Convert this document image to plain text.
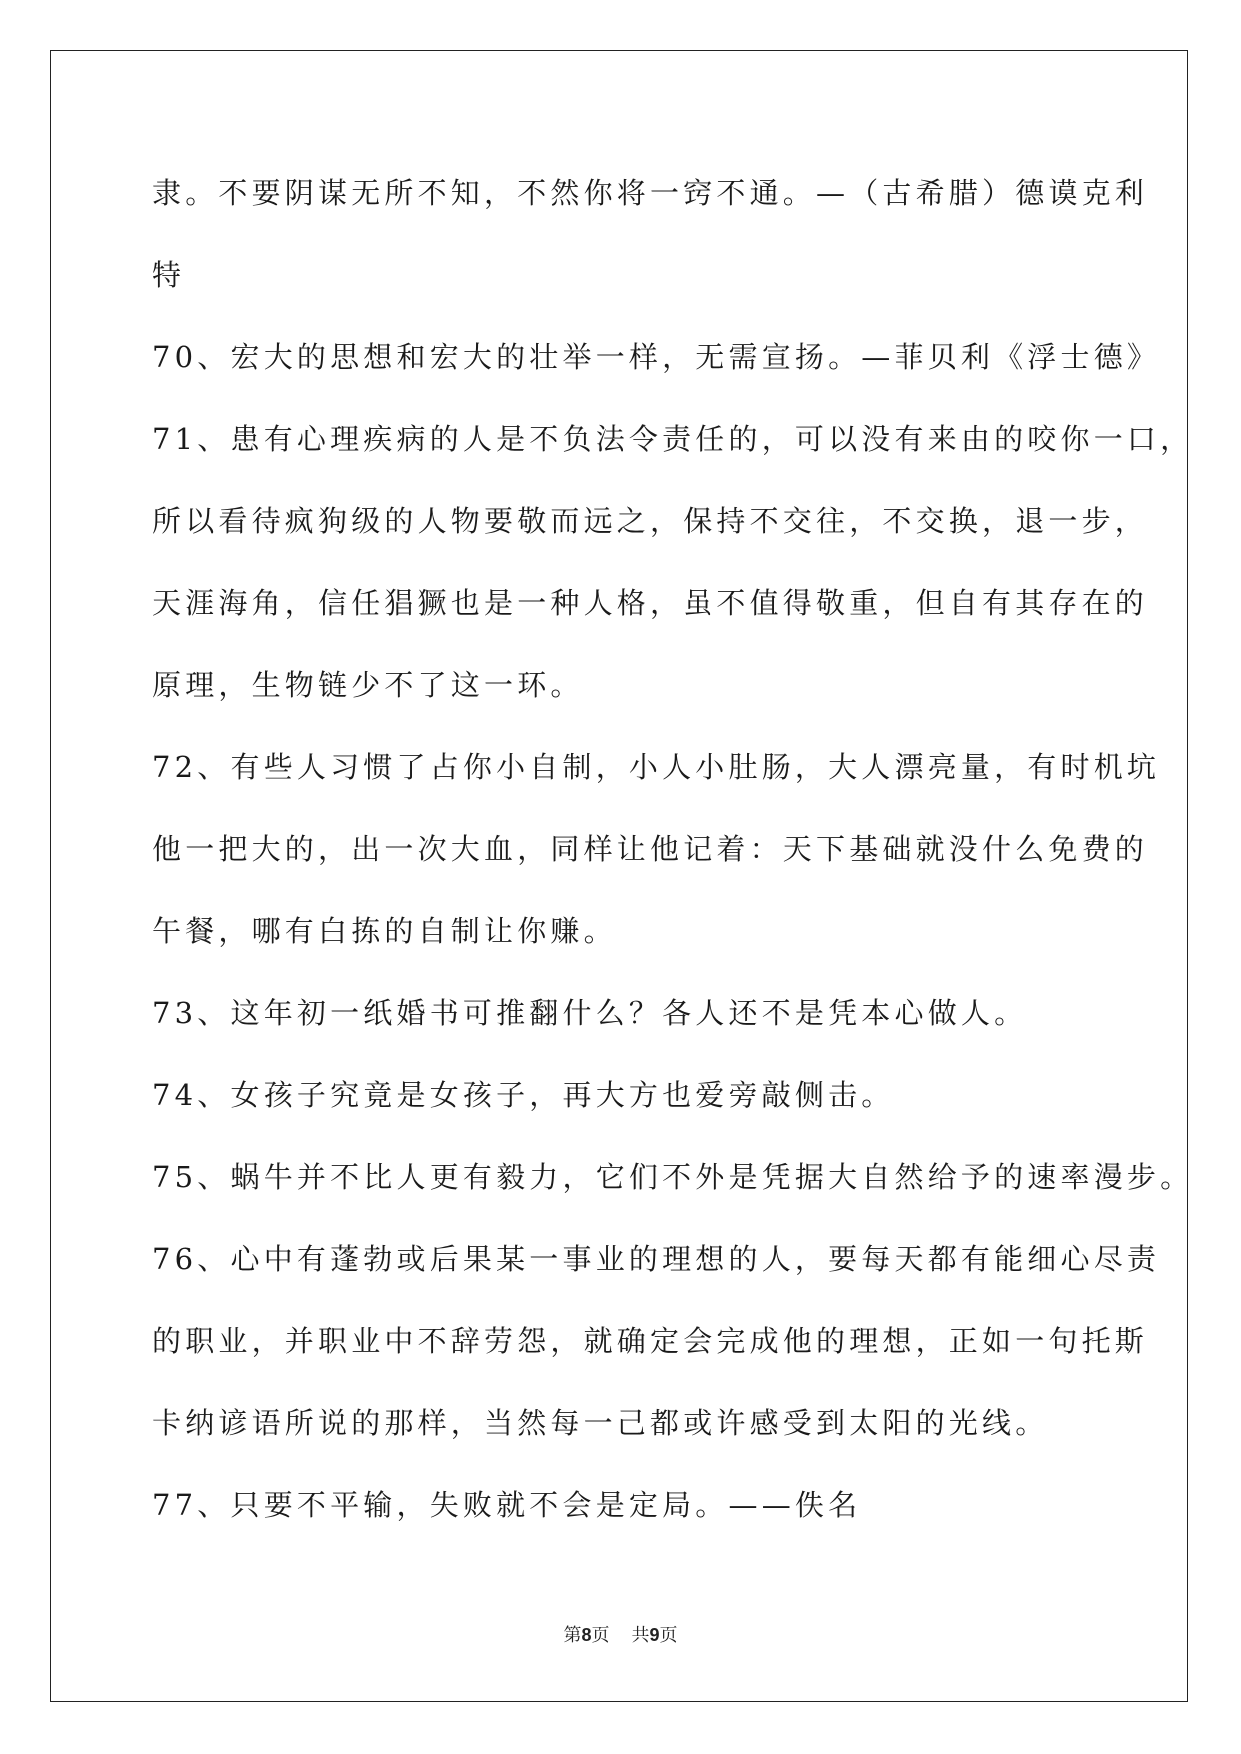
隶。不要阴谋无所不知，不然你将一窍不通。—（古希腊）德谟克利
特
70、宏大的思想和宏大的壮举一样，无需宣扬。—菲贝利《浮士德》
71、患有心理疾病的人是不负法令责任的，可以没有来由的咬你一口，
所以看待疯狗级的人物要敬而远之，保持不交往，不交换，退一步，
天涯海角，信任猖獗也是一种人格，虽不值得敬重，但自有其存在的
原理，生物链少不了这一环。
72、有些人习惯了占你小自制，小人小肚肠，大人漂亮量，有时机坑
他一把大的，出一次大血，同样让他记着：天下基础就没什么免费的
午餐，哪有白拣的自制让你赚。
73、这年初一纸婚书可推翻什么？各人还不是凭本心做人。
74、女孩子究竟是女孩子，再大方也爱旁敲侧击。
75、蜗牛并不比人更有毅力，它们不外是凭据大自然给予的速率漫步。
76、心中有蓬勃或后果某一事业的理想的人，要每天都有能细心尽责
的职业，并职业中不辞劳怨，就确定会完成他的理想，正如一句托斯
卡纳谚语所说的那样，当然每一己都或许感受到太阳的光线。
77、只要不平输，失败就不会是定局。——佚名
第8页 共9页
